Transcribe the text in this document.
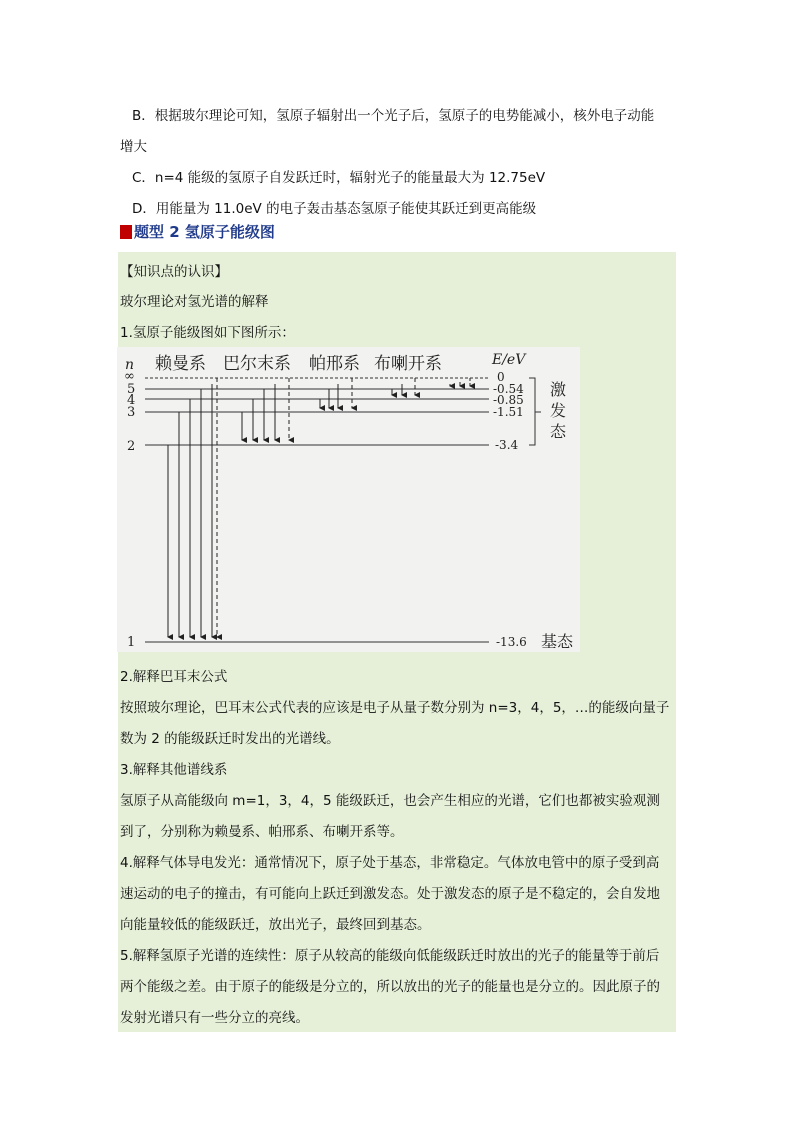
B．根据玻尔理论可知，氢原子辐射出一个光子后，氢原子的电势能减小，核外电子动能
增大
C．n=4 能级的氢原子自发跃迁时，辐射光子的能量最大为 12.75eV
D．用能量为 11.0eV 的电子轰击基态氢原子能使其跃迁到更高能级
题型 2 氢原子能级图
【知识点的认识】
玻尔理论对氢光谱的解释
1.氢原子能级图如下图所示：
2.解释巴耳末公式
按照玻尔理论，巴耳末公式代表的应该是电子从量子数分别为 n=3，4，5，…的能级向量子
数为 2 的能级跃迁时发出的光谱线。
3.解释其他谱线系
氢原子从高能级向 m=1，3，4，5 能级跃迁，也会产生相应的光谱，它们也都被实验观测
到了，分别称为赖曼系、帕邢系、布喇开系等。
4.解释气体导电发光：通常情况下，原子处于基态，非常稳定。气体放电管中的原子受到高
速运动的电子的撞击，有可能向上跃迁到激发态。处于激发态的原子是不稳定的，会自发地
向能量较低的能级跃迁，放出光子，最终回到基态。
5.解释氢原子光谱的连续性：原子从较高的能级向低能级跃迁时放出的光子的能量等于前后
两个能级之差。由于原子的能级是分立的，所以放出的光子的能量也是分立的。因此原子的
发射光谱只有一些分立的亮线。
n 赖曼系 巴尔末系 帕邢系 布喇开系	E/eV
∞
5
4
3
2
1
0
-0.54
-0.85
-1.51
-3.4
-13.6
激
发
态
基态
